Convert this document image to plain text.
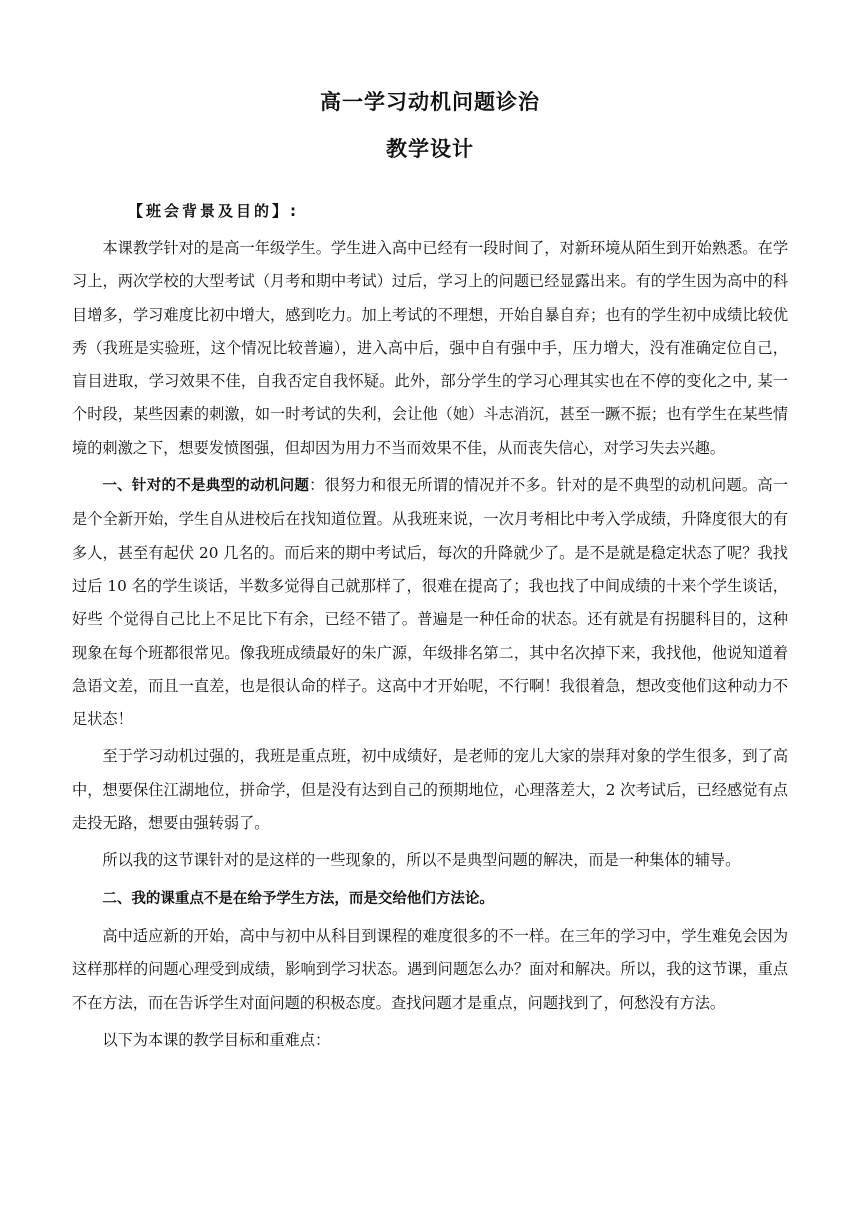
高一学习动机问题诊治
教学设计
【班会背景及目的】:

本课教学针对的是高一年级学生。学生进入高中已经有一段时间了，对新环境从陌生到开始熟悉。在学习上，两次学校的大型考试（月考和期中考试）过后，学习上的问题已经显露出来。有的学生因为高中的科目增多，学习难度比初中增大，感到吃力。加上考试的不理想，开始自暴自弃；也有的学生初中成绩比较优秀（我班是实验班，这个情况比较普遍），进入高中后，强中自有强中手，压力增大，没有准确定位自己，盲目进取，学习效果不佳，自我否定自我怀疑。此外，部分学生的学习心理其实也在不停的变化之中, 某一个时段，某些因素的刺激，如一时考试的失利，会让他（她）斗志消沉，甚至一蹶不振；也有学生在某些情境的刺激之下，想要发愤图强，但却因为用力不当而效果不佳，从而丧失信心，对学习失去兴趣。

一、针对的不是典型的动机问题：很努力和很无所谓的情况并不多。针对的是不典型的动机问题。高一是个全新开始，学生自从进校后在找知道位置。从我班来说，一次月考相比中考入学成绩，升降度很大的有多人，甚至有起伏 20 几名的。而后来的期中考试后，每次的升降就少了。是不是就是稳定状态了呢？我找过后 10 名的学生谈话，半数多觉得自己就那样了，很难在提高了；我也找了中间成绩的十来个学生谈话，好些 个觉得自己比上不足比下有余，已经不错了。普遍是一种任命的状态。还有就是有拐腿科目的，这种现象在每个班都很常见。像我班成绩最好的朱广源，年级排名第二，其中名次掉下来，我找他，他说知道着急语文差，而且一直差，也是很认命的样子。这高中才开始呢，不行啊！我很着急，想改变他们这种动力不足状态！

至于学习动机过强的，我班是重点班，初中成绩好，是老师的宠儿大家的崇拜对象的学生很多，到了高中，想要保住江湖地位，拼命学，但是没有达到自己的预期地位，心理落差大，2 次考试后，已经感觉有点走投无路，想要由强转弱了。

所以我的这节课针对的是这样的一些现象的，所以不是典型问题的解决，而是一种集体的辅导。

二、我的课重点不是在给予学生方法，而是交给他们方法论。

高中适应新的开始，高中与初中从科目到课程的难度很多的不一样。在三年的学习中，学生难免会因为这样那样的问题心理受到成绩，影响到学习状态。遇到问题怎么办？面对和解决。所以，我的这节课，重点不在方法，而在告诉学生对面问题的积极态度。查找问题才是重点，问题找到了，何愁没有方法。

以下为本课的教学目标和重难点：
